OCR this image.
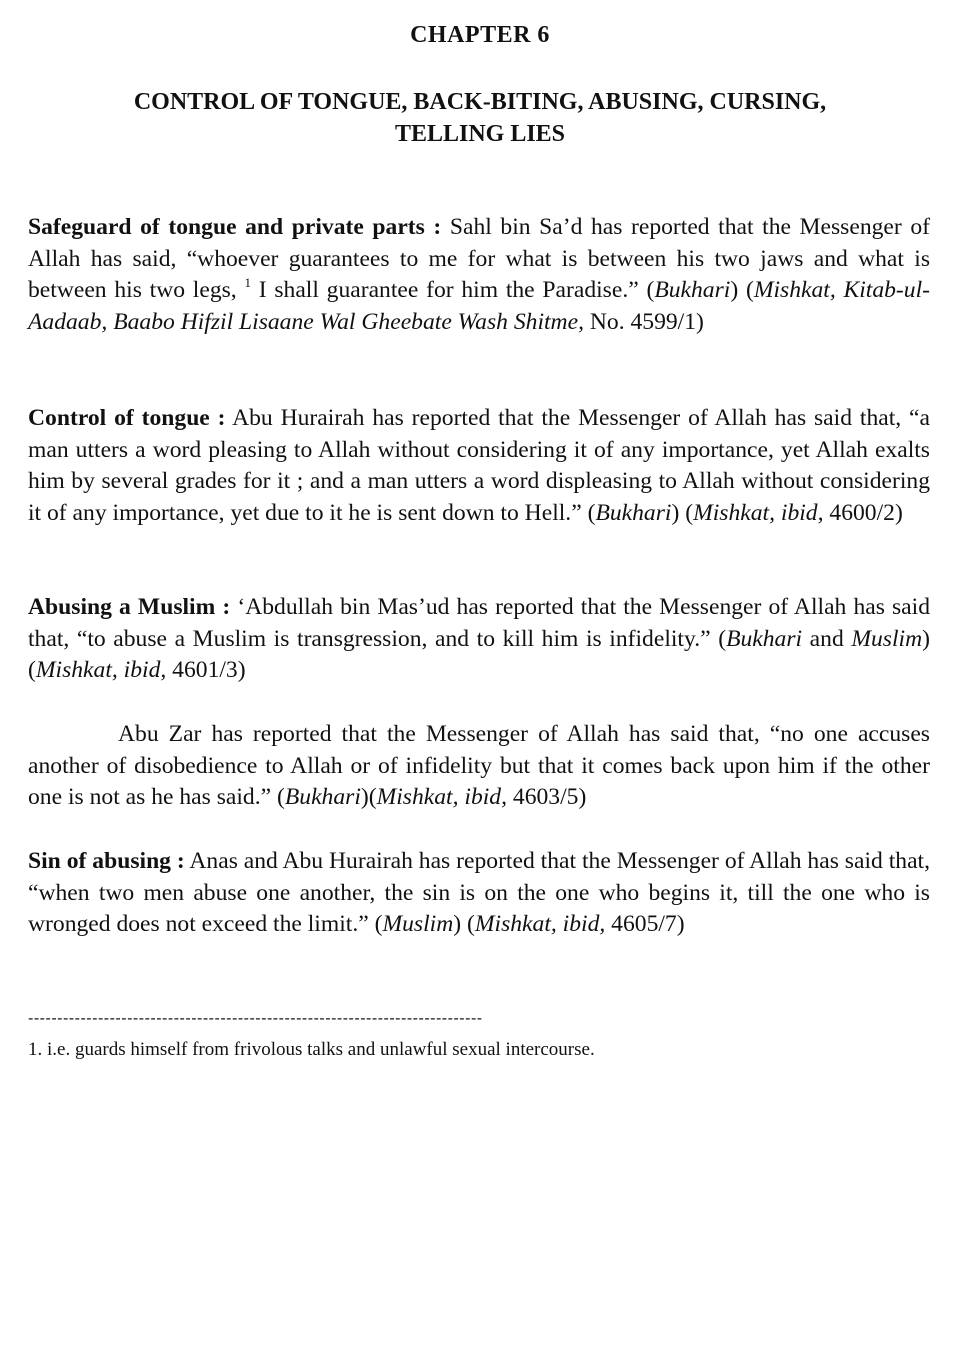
CHAPTER 6
CONTROL OF TONGUE, BACK-BITING, ABUSING, CURSING,
TELLING LIES

Safeguard of tongue and private parts : Sahl bin Sa’d has reported that the Messenger of Allah has said, “whoever guarantees to me for what is between his two jaws and what is between his two legs, $^1$ I shall guarantee for him the Paradise.” (Bukhari) (Mishkat, Kitab-ul-Aadaab, Baabo Hifzil Lisaane Wal Gheebate Wash Shitme, No. 4599/1)

Control of tongue : Abu Hurairah has reported that the Messenger of Allah has said that, “a man utters a word pleasing to Allah without considering it of any importance, yet Allah exalts him by several grades for it ; and a man utters a word displeasing to Allah without considering it of any importance, yet due to it he is sent down to Hell.” (Bukhari) (Mishkat, ibid, 4600/2)

Abusing a Muslim : ‘Abdullah bin Mas’ud has reported that the Messenger of Allah has said that, “to abuse a Muslim is transgression, and to kill him is infidelity.” (Bukhari and Muslim) (Mishkat, ibid, 4601/3)

Abu Zar has reported that the Messenger of Allah has said that, “no one accuses another of disobedience to Allah or of infidelity but that it comes back upon him if the other one is not as he has said.” (Bukhari)(Mishkat, ibid, 4603/5)

Sin of abusing : Anas and Abu Hurairah has reported that the Messenger of Allah has said that, “when two men abuse one another, the sin is on the one who begins it, till the one who is wronged does not exceed the limit.” (Muslim) (Mishkat, ibid, 4605/7)

------------------------------------------------------------------------------
1. i.e. guards himself from frivolous talks and unlawful sexual intercourse.
